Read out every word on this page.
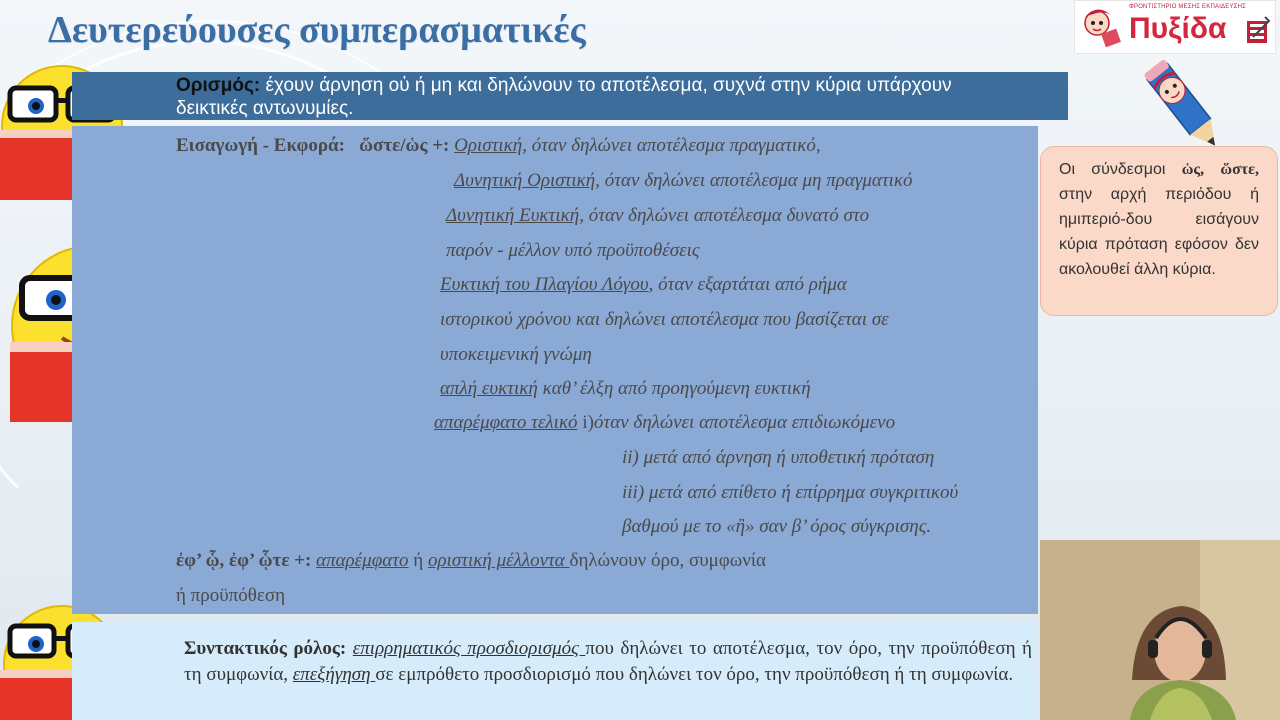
Δευτερεύουσες συμπερασματικές
ΦΡΟΝΤΙΣΤΗΡΙΟ ΜΕΣΗΣ ΕΚΠΑΙΔΕΥΣΗΣ
Πυξίδα
Ορισμός: έχουν άρνηση οὐ ή μη και δηλώνουν το αποτέλεσμα, συχνά στην κύρια υπάρχουν
δεικτικές αντωνυμίες.
Εισαγωγή - Εκφορά: ὥστε/ὡς +: Οριστική, όταν δηλώνει αποτέλεσμα πραγματικό,
Δυνητική Οριστική, όταν δηλώνει αποτέλεσμα μη πραγματικό
Δυνητική Ευκτική, όταν δηλώνει αποτέλεσμα δυνατό στο
παρόν - μέλλον υπό προϋποθέσεις
Ευκτική του Πλαγίου Λόγου, όταν εξαρτάται από ρήμα
ιστορικού χρόνου και δηλώνει αποτέλεσμα που βασίζεται σε
υποκειμενική γνώμη
απλή ευκτική καθ’ έλξη από προηγούμενη ευκτική
απαρέμφατο τελικό i)όταν δηλώνει αποτέλεσμα επιδιωκόμενο
ii) μετά από άρνηση ή υποθετική πρόταση
iii) μετά από επίθετο ή επίρρημα συγκριτικού
βαθμού με το «ἢ» σαν β’ όρος σύγκρισης.
ἐφ’ ᾧ, ἐφ’ ᾧτε +: απαρέμφατο ή οριστική μέλλοντα δηλώνουν όρο, συμφωνία
ή προϋπόθεση
Οι σύνδεσμοι ὡς, ὥστε, στην αρχή περιόδου ή ημιπεριό-δου εισάγουν κύρια πρόταση εφόσον δεν ακολουθεί άλλη κύρια.
Συντακτικός ρόλος: επιρρηματικός προσδιορισμός που δηλώνει το αποτέλεσμα, τον όρο, την προϋπόθεση ή τη συμφωνία, επεξήγηση σε εμπρόθετο προσδιορισμό που δηλώνει τον όρο, την προϋπόθεση ή τη συμφωνία.
